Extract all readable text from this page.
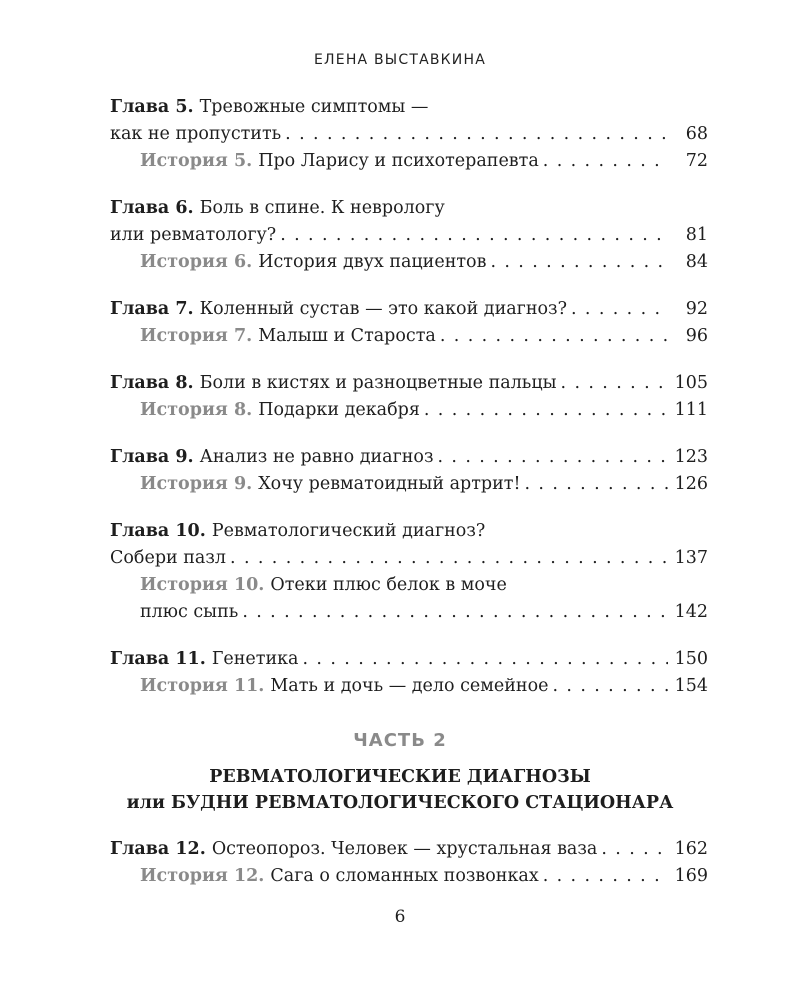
ЕЛЕНА ВЫСТАВКИНА
Глава 5. Тревожные симптомы —
как не пропустить . . .	68
История 5. Про Ларису и психотерапевта . . .	72
Глава 6. Боль в спине. К неврологу
или ревматологу? . . .	81
История 6. История двух пациентов . . .	84
Глава 7. Коленный сустав — это какой диагноз? . . .	92
История 7. Малыш и Староста . . .	96
Глава 8. Боли в кистях и разноцветные пальцы . . .	105
История 8. Подарки декабря . . .	111
Глава 9. Анализ не равно диагноз . . .	123
История 9. Хочу ревматоидный артрит! . . .	126
Глава 10. Ревматологический диагноз?
Собери пазл . . .	137
История 10. Отеки плюс белок в моче
плюс сыпь . . .	142
Глава 11. Генетика . . .	150
История 11. Мать и дочь — дело семейное . . .	154
ЧАСТЬ 2
РЕВМАТОЛОГИЧЕСКИЕ ДИАГНОЗЫ
или БУДНИ РЕВМАТОЛОГИЧЕСКОГО СТАЦИОНАРА
Глава 12. Остеопороз. Человек — хрустальная ваза . . .	162
История 12. Сага о сломанных позвонках . . .	169
6
